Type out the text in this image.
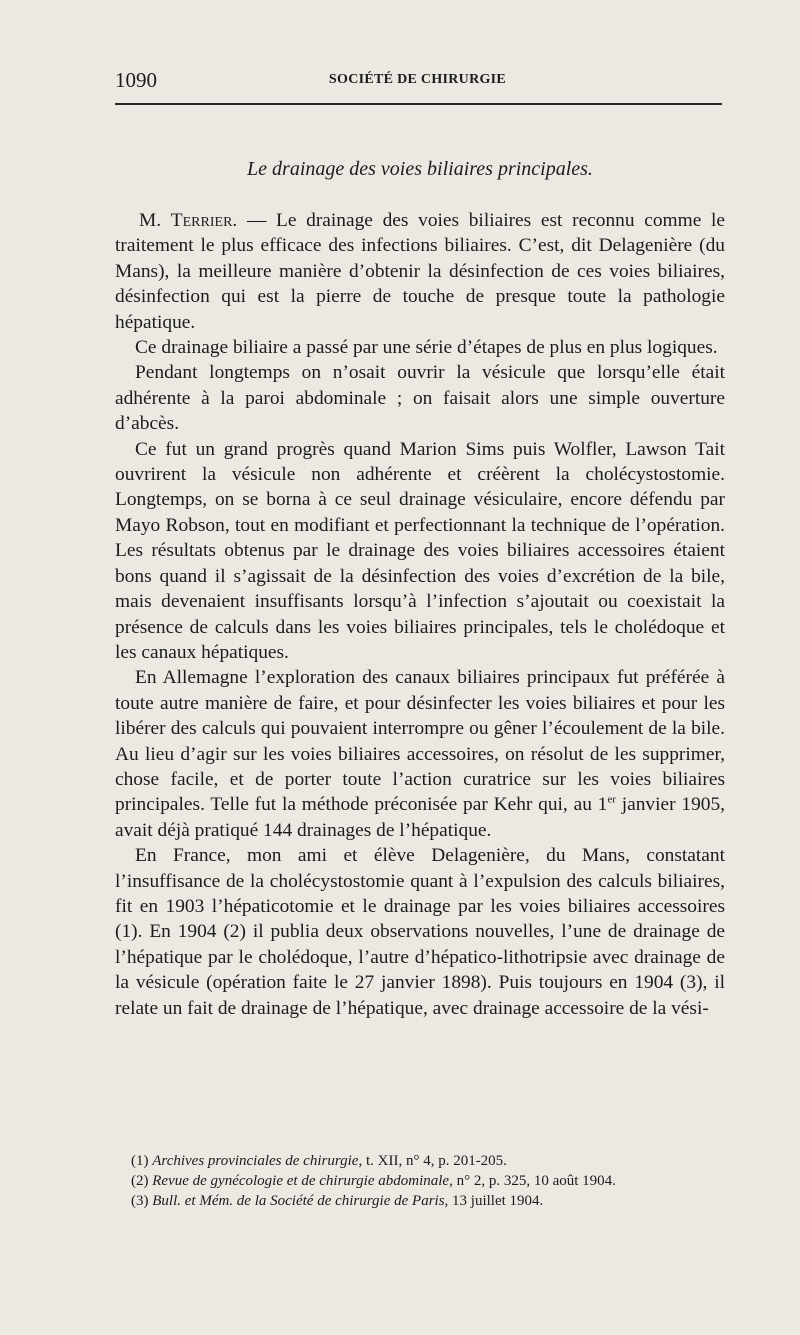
1090	SOCIÉTÉ DE CHIRURGIE
Le drainage des voies biliaires principales.

M. Terrier. — Le drainage des voies biliaires est reconnu comme le traitement le plus efficace des infections biliaires. C’est, dit Delagenière (du Mans), la meilleure manière d’obtenir la désinfection de ces voies biliaires, désinfection qui est la pierre de touche de presque toute la pathologie hépatique.

Ce drainage biliaire a passé par une série d’étapes de plus en plus logiques.

Pendant longtemps on n’osait ouvrir la vésicule que lorsqu’elle était adhérente à la paroi abdominale ; on faisait alors une simple ouverture d’abcès.

Ce fut un grand progrès quand Marion Sims puis Wolfler, Lawson Tait ouvrirent la vésicule non adhérente et créèrent la cholécystostomie. Longtemps, on se borna à ce seul drainage vésiculaire, encore défendu par Mayo Robson, tout en modifiant et perfectionnant la technique de l’opération. Les résultats obtenus par le drainage des voies biliaires accessoires étaient bons quand il s’agissait de la désinfection des voies d’excrétion de la bile, mais devenaient insuffisants lorsqu’à l’infection s’ajoutait ou coexistait la présence de calculs dans les voies biliaires principales, tels le cholédoque et les canaux hépatiques.

En Allemagne l’exploration des canaux biliaires principaux fut préférée à toute autre manière de faire, et pour désinfecter les voies biliaires et pour les libérer des calculs qui pouvaient interrompre ou gêner l’écoulement de la bile. Au lieu d’agir sur les voies biliaires accessoires, on résolut de les supprimer, chose facile, et de porter toute l’action curatrice sur les voies biliaires principales. Telle fut la méthode préconisée par Kehr qui, au 1er janvier 1905, avait déjà pratiqué 144 drainages de l’hépatique.

En France, mon ami et élève Delagenière, du Mans, constatant l’insuffisance de la cholécystostomie quant à l’expulsion des calculs biliaires, fit en 1903 l’hépaticotomie et le drainage par les voies biliaires accessoires (1). En 1904 (2) il publia deux observations nouvelles, l’une de drainage de l’hépatique par le cholédoque, l’autre d’hépatico-lithotripsie avec drainage de la vésicule (opération faite le 27 janvier 1898). Puis toujours en 1904 (3), il relate un fait de drainage de l’hépatique, avec drainage accessoire de la vési-

(1) Archives provinciales de chirurgie, t. XII, n° 4, p. 201-205.

(2) Revue de gynécologie et de chirurgie abdominale, n° 2, p. 325, 10 août 1904.

(3) Bull. et Mém. de la Société de chirurgie de Paris, 13 juillet 1904.
